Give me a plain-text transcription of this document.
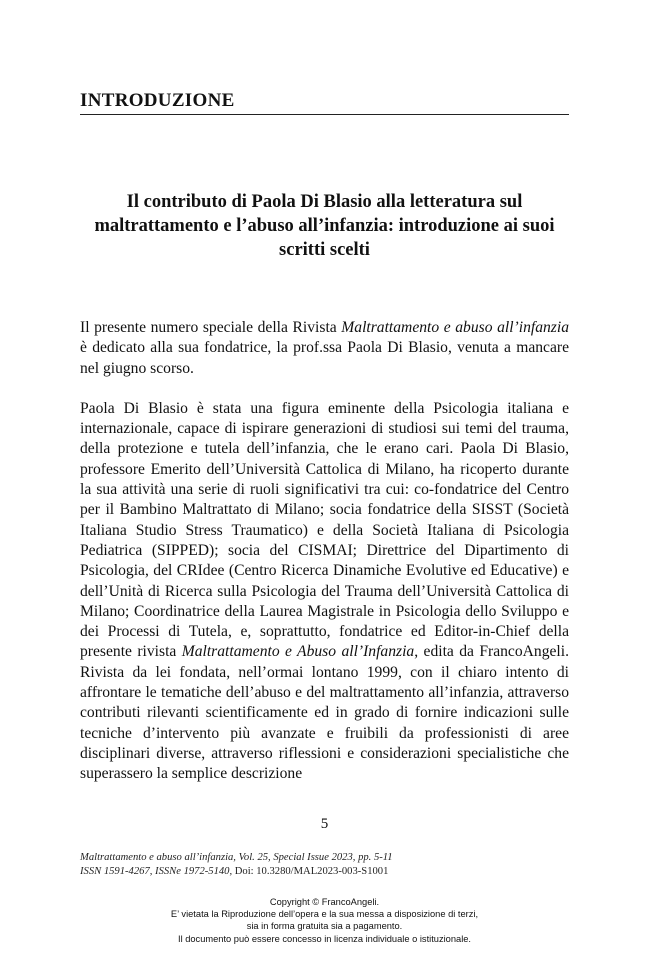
INTRODUZIONE
Il contributo di Paola Di Blasio alla letteratura sul maltrattamento e l’abuso all’infanzia: introduzione ai suoi scritti scelti

Il presente numero speciale della Rivista Maltrattamento e abuso all’infanzia è dedicato alla sua fondatrice, la prof.ssa Paola Di Blasio, venuta a mancare nel giugno scorso.

Paola Di Blasio è stata una figura eminente della Psicologia italiana e internazionale, capace di ispirare generazioni di studiosi sui temi del trauma, della protezione e tutela dell’infanzia, che le erano cari. Paola Di Blasio, professore Emerito dell’Università Cattolica di Milano, ha ricoperto durante la sua attività una serie di ruoli significativi tra cui: co-fondatrice del Centro per il Bambino Maltrattato di Milano; socia fondatrice della SISST (Società Italiana Studio Stress Traumatico) e della Società Italiana di Psicologia Pediatrica (SIPPED); socia del CISMAI; Direttrice del Dipartimento di Psicologia, del CRIdee (Centro Ricerca Dinamiche Evolutive ed Educative) e dell’Unità di Ricerca sulla Psicologia del Trauma dell’Università Cattolica di Milano; Coordinatrice della Laurea Magistrale in Psicologia dello Sviluppo e dei Processi di Tutela, e, soprattutto, fondatrice ed Editor-in-Chief della presente rivista Maltrattamento e Abuso all’Infanzia, edita da FrancoAngeli. Rivista da lei fondata, nell’ormai lontano 1999, con il chiaro intento di affrontare le tematiche dell’abuso e del maltrattamento all’infanzia, attraverso contributi rilevanti scientificamente ed in grado di fornire indicazioni sulle tecniche d’intervento più avanzate e fruibili da professionisti di aree disciplinari diverse, attraverso riflessioni e considerazioni specialistiche che superassero la semplice descrizione

5
Maltrattamento e abuso all’infanzia, Vol. 25, Special Issue 2023, pp. 5-11
ISSN 1591-4267, ISSNe 1972-5140, Doi: 10.3280/MAL2023-003-S1001
Copyright © FrancoAngeli.
E’ vietata la Riproduzione dell’opera e la sua messa a disposizione di terzi,
sia in forma gratuita sia a pagamento.
Il documento può essere concesso in licenza individuale o istituzionale.
